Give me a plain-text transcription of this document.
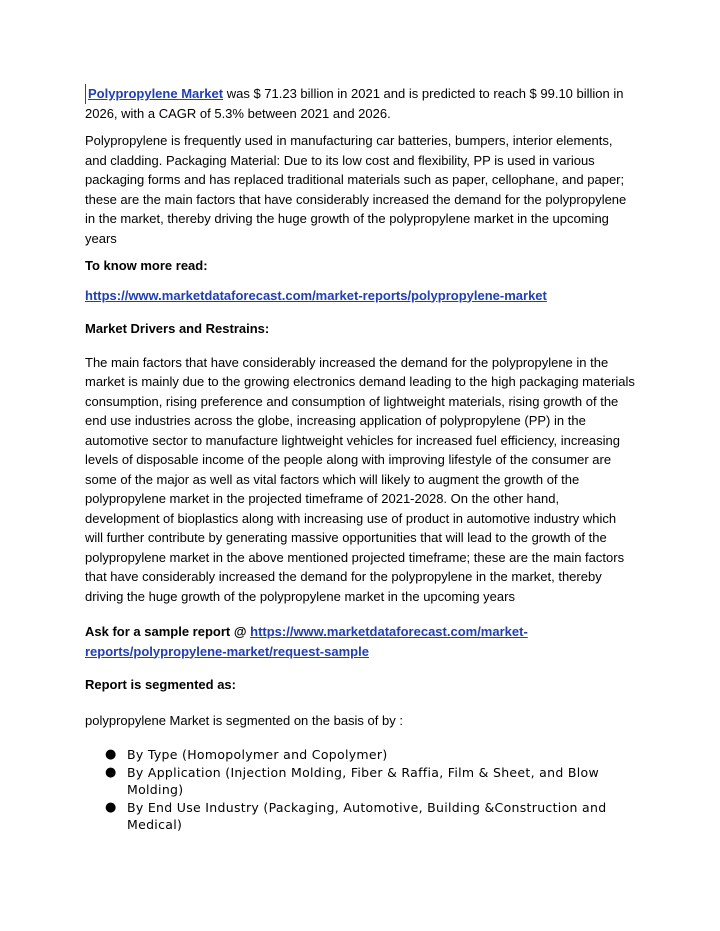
Polypropylene Market was $ 71.23 billion in 2021 and is predicted to reach $ 99.10 billion in 2026, with a CAGR of 5.3% between 2021 and 2026.

Polypropylene is frequently used in manufacturing car batteries, bumpers, interior elements, and cladding. Packaging Material: Due to its low cost and flexibility, PP is used in various packaging forms and has replaced traditional materials such as paper, cellophane, and paper; these are the main factors that have considerably increased the demand for the polypropylene in the market, thereby driving the huge growth of the polypropylene market in the upcoming years

To know more read:

https://www.marketdataforecast.com/market-reports/polypropylene-market

Market Drivers and Restrains:

The main factors that have considerably increased the demand for the polypropylene in the market is mainly due to the growing electronics demand leading to the high packaging materials consumption, rising preference and consumption of lightweight materials, rising growth of the end use industries across the globe, increasing application of polypropylene (PP) in the automotive sector to manufacture lightweight vehicles for increased fuel efficiency, increasing levels of disposable income of the people along with improving lifestyle of the consumer are some of the major as well as vital factors which will likely to augment the growth of the polypropylene market in the projected timeframe of 2021-2028. On the other hand, development of bioplastics along with increasing use of product in automotive industry which will further contribute by generating massive opportunities that will lead to the growth of the polypropylene market in the above mentioned projected timeframe; these are the main factors that have considerably increased the demand for the polypropylene in the market, thereby driving the huge growth of the polypropylene market in the upcoming years

Ask for a sample report @ https://www.marketdataforecast.com/market-reports/polypropylene-market/request-sample

Report is segmented as:

polypropylene Market is segmented on the basis of by :

● By Type (Homopolymer and Copolymer)
● By Application (Injection Molding, Fiber & Raffia, Film & Sheet, and Blow Molding)
● By End Use Industry (Packaging, Automotive, Building &Construction and Medical)
